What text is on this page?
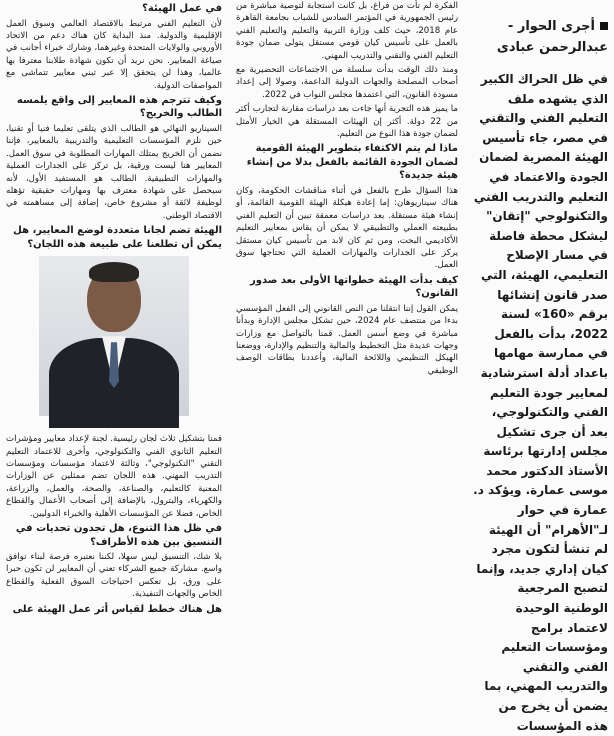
أجرى الحوار -
عبدالرحمن عبادى

في ظل الحراك الكبير الذي يشهده ملف التعليم الفني والتقني في مصر، جاء تأسيس الهيئة المصرية لضمان الجودة والاعتماد في التعليم والتدريب الفني والتكنولوجي "إتقان" ليشكل محطة فاصلة في مسار الإصلاح التعليمي، الهيئة، التي صدر قانون إنشائها برقم «160» لسنة 2022، بدأت بالفعل في ممارسة مهامها باعداد أدلة استرشادية لمعايير جودة التعليم الفني والتكنولوجي، بعد أن جرى تشكيل مجلس إدارتها برئاسة الأستاذ الدكتور محمد موسى عمارة. ويؤكد د. عمارة في حوار لـ"الأهرام" أن الهيئة لم تنشأ لتكون مجرد كيان إداري جديد، وإنما لتصبح المرجعية الوطنية الوحيدة لاعتماد برامج ومؤسسات التعليم الفني والتقني والتدريب المهني، بما يضمن أن يخرج من هذه المؤسسات

الفكرة لم تأت من فراغ، بل كانت استجابة لتوصية مباشرة من رئيس الجمهورية في المؤتمر السادس للشباب بجامعة القاهرة عام 2018، حيث كلف وزارة التربية والتعليم والتعليم الفني بالعمل على تأسيس كيان قومي مستقل يتولى ضمان جودة التعليم الفني والتقني والتدريب المهني.

ومنذ ذلك الوقت بدأت سلسلة من الاجتماعات التحضيرية مع أصحاب المصلحة والجهات الدولية الداعمة، وصولا إلى إعداد مسودة القانون، التي اعتمدها مجلس النواب في 2022.

ما يميز هذه التجربة أنها جاءت بعد دراسات مقارنة لتجارب أكثر من 22 دولة. أكثر إن الهيئات المستقلة هي الخيار الأمثل لضمان جودة هذا النوع من التعليم.

ماذا لم يتم الاكتفاء بتطوير الهيئة القومية لضمان الجودة القائمة بالفعل بدلا من إنشاء هيئة جديدة؟

هذا السؤال طرح بالفعل في أثناء مناقشات الحكومة، وكان هناك سيناريوهان: إما إعادة هيكلة الهيئة القومية القائمة، أو إنشاء هيئة مستقلة. بعد دراسات معمقة تبين أن التعليم الفني بطبيعته العملي والتطبيقي لا يمكن أن يقاس بمعايير التعليم الأكاديمي البحت، ومن ثم كان لابد من تأسيس كيان مستقل يركز على الجدارات والمهارات العملية التي تحتاجها سوق العمل.

كيف بدأت الهيئة خطواتها الأولى بعد صدور القانون؟

يمكن القول إننا انتقلنا من النص القانوني إلى الفعل المؤسسي بدءا من منتصف عام 2024، حين تشكل مجلس الإدارة وبدأنا مباشرة في وضع أسس العمل. قمنا بالتواصل مع وزارات وجهات عديدة مثل التخطيط والمالية والتنظيم والإدارة، ووضعنا الهيكل التنظيمي واللائحة المالية، وأعددنا بطاقات الوصف الوظيفي

في عمل الهيئة؟

لأن التعليم الفني مرتبط بالاقتصاد العالمي وسوق العمل الإقليمية والدولية. منذ البداية كان هناك دعم من الاتحاد الأوروبي والولايات المتحدة وغيرهما، وشارك خبراء أجانب في صياغة المعايير. نحن نريد أن تكون شهادة طلابنا معترفا بها عالميا، وهذا لن يتحقق إلا عبر تبني معايير تتماشى مع المواصفات الدولية.

وكيف تترجم هذه المعايير إلى واقع يلمسه الطالب والخريج؟

السيناريو النهائي هو الطالب الذي يتلقى تعليما فنيا أو تقنيا، حين نلزم المؤسسات التعليمية والتدريبية بالمعايير، فإننا نضمن أن الخريج يمتلك المهارات المطلوبة في سوق العمل. المعايير هنا ليست ورقية، بل تركز على الجدارات العملية والمهارات التطبيقية. الطالب هو المستفيد الأول، لأنه سيحصل على شهادة معترف بها ومهارات حقيقية تؤهله لوظيفة لائقة أو مشروع خاص، إضافة إلى مساهمته في الاقتصاد الوطني.

الهيئة تضم لجانا متعددة لوضع المعايير، هل يمكن أن تطلعنا على طبيعة هذه اللجان؟

قمنا بتشكيل ثلاث لجان رئيسية. لجنة لإعداد معايير ومؤشرات التعليم الثانوي الفني والتكنولوجي، وأخرى للاعتماد التعليم التقني "التكنولوجي"، وثالثة لاعتماد مؤسسات ومؤسسات التدريب المهني. هذه اللجان تضم ممثلين عن الوزارات المعنية كالتعليم، والصناعة، والصحة، والعمل، والزراعة، والكهرباء، والبترول، بالإضافة إلى أصحاب الأعمال والقطاع الخاص، فضلا عن المؤسسات الأهلية والخبراء الدوليين.

في ظل هذا التنوع، هل تجدون تحديات في التنسيق بين هذه الأطراف؟

بلا شك، التنسيق ليس سهلا، لكننا نعتبره فرصة لبناء توافق واسع. مشاركة جميع الشركاء تعني أن المعايير لن تكون حبرا على ورق، بل تعكس احتياجات السوق الفعلية والقطاع الخاص والجهات التنفيذية.

هل هناك خطط لقياس أثر عمل الهيئة على
